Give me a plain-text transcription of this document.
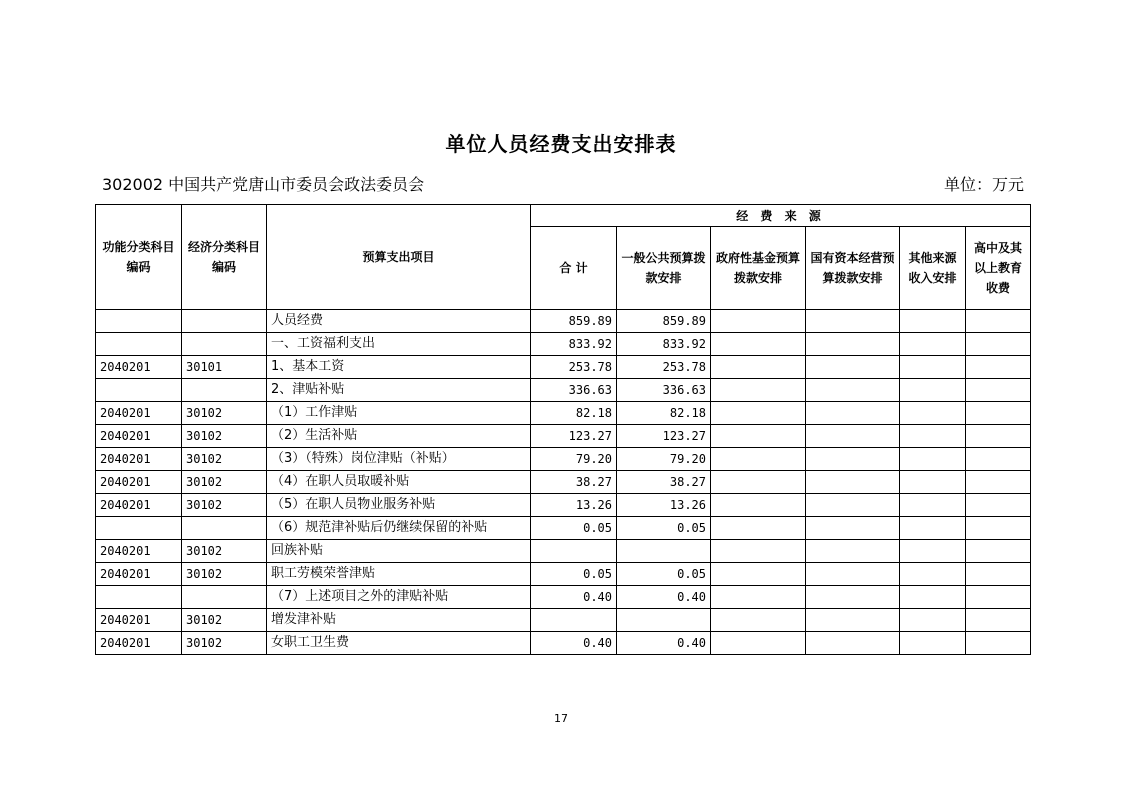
单位人员经费支出安排表
302002 中国共产党唐山市委员会政法委员会	单位：万元
功能分类科目编码	经济分类科目编码	预算支出项目	经 费 来 源					
			合 计	一般公共预算拨款安排	政府性基金预算拨款安排	国有资本经营预算拨款安排	其他来源收入安排	高中及其以上教育收费
		人员经费	859.89	859.89				
		一、工资福利支出	833.92	833.92				
2040201	30101	1、基本工资	253.78	253.78				
		2、津贴补贴	336.63	336.63				
2040201	30102	（1）工作津贴	82.18	82.18				
2040201	30102	（2）生活补贴	123.27	123.27				
2040201	30102	（3）（特殊）岗位津贴（补贴）	79.20	79.20				
2040201	30102	（4）在职人员取暖补贴	38.27	38.27				
2040201	30102	（5）在职人员物业服务补贴	13.26	13.26				
		（6）规范津补贴后仍继续保留的补贴	0.05	0.05				
2040201	30102	回族补贴						
2040201	30102	职工劳模荣誉津贴	0.05	0.05				
		（7）上述项目之外的津贴补贴	0.40	0.40				
2040201	30102	增发津补贴						
2040201	30102	女职工卫生费	0.40	0.40				
17
